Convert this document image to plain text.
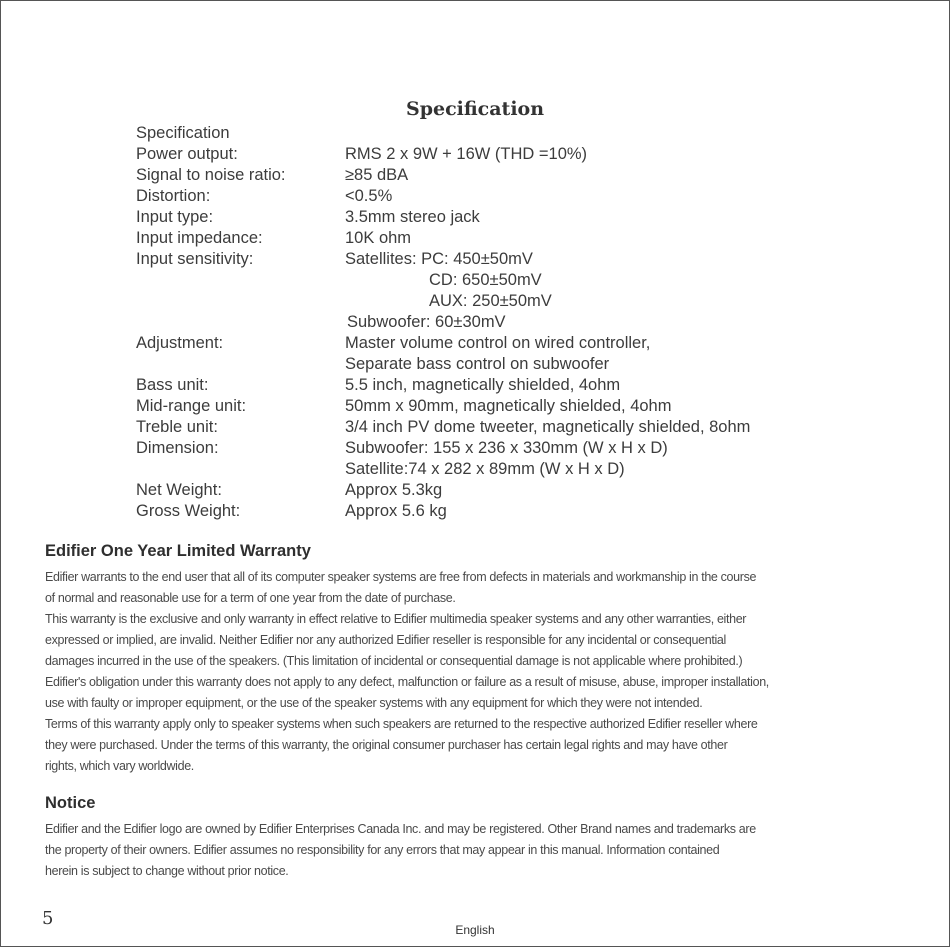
Specification
Specification
Power output:	RMS 2 x 9W + 16W (THD =10%)
Signal to noise ratio:	≥85 dBA
Distortion:	<0.5%
Input type:	3.5mm stereo jack
Input impedance:	10K ohm
Input sensitivity:	Satellites: PC: 450±50mV
CD: 650±50mV
AUX: 250±50mV
Subwoofer: 60±30mV
Adjustment:	Master volume control on wired controller,
Separate bass control on subwoofer
Bass unit:	5.5 inch, magnetically shielded, 4ohm
Mid-range unit:	50mm x 90mm, magnetically shielded, 4ohm
Treble unit:	3/4 inch PV dome tweeter, magnetically shielded, 8ohm
Dimension:	Subwoofer: 155 x 236 x 330mm (W x H x D)
Satellite:74 x 282 x 89mm (W x H x D)
Net Weight:	Approx 5.3kg
Gross Weight:	Approx 5.6 kg
Edifier One Year Limited Warranty
Edifier warrants to the end user that all of its computer speaker systems are free from defects in materials and workmanship in the course
of normal and reasonable use for a term of one year from the date of purchase.
This warranty is the exclusive and only warranty in effect relative to Edifier multimedia speaker systems and any other warranties, either
expressed or implied, are invalid. Neither Edifier nor any authorized Edifier reseller is responsible for any incidental or consequential
damages incurred in the use of the speakers. (This limitation of incidental or consequential damage is not applicable where prohibited.)
Edifier's obligation under this warranty does not apply to any defect, malfunction or failure as a result of misuse, abuse, improper installation,
use with faulty or improper equipment, or the use of the speaker systems with any equipment for which they were not intended.
Terms of this warranty apply only to speaker systems when such speakers are returned to the respective authorized Edifier reseller where
they were purchased. Under the terms of this warranty, the original consumer purchaser has certain legal rights and may have other
rights, which vary worldwide.
Notice
Edifier and the Edifier logo are owned by Edifier Enterprises Canada Inc. and may be registered. Other Brand names and trademarks are
the property of their owners. Edifier assumes no responsibility for any errors that may appear in this manual. Information contained
herein is subject to change without prior notice.
5
English
